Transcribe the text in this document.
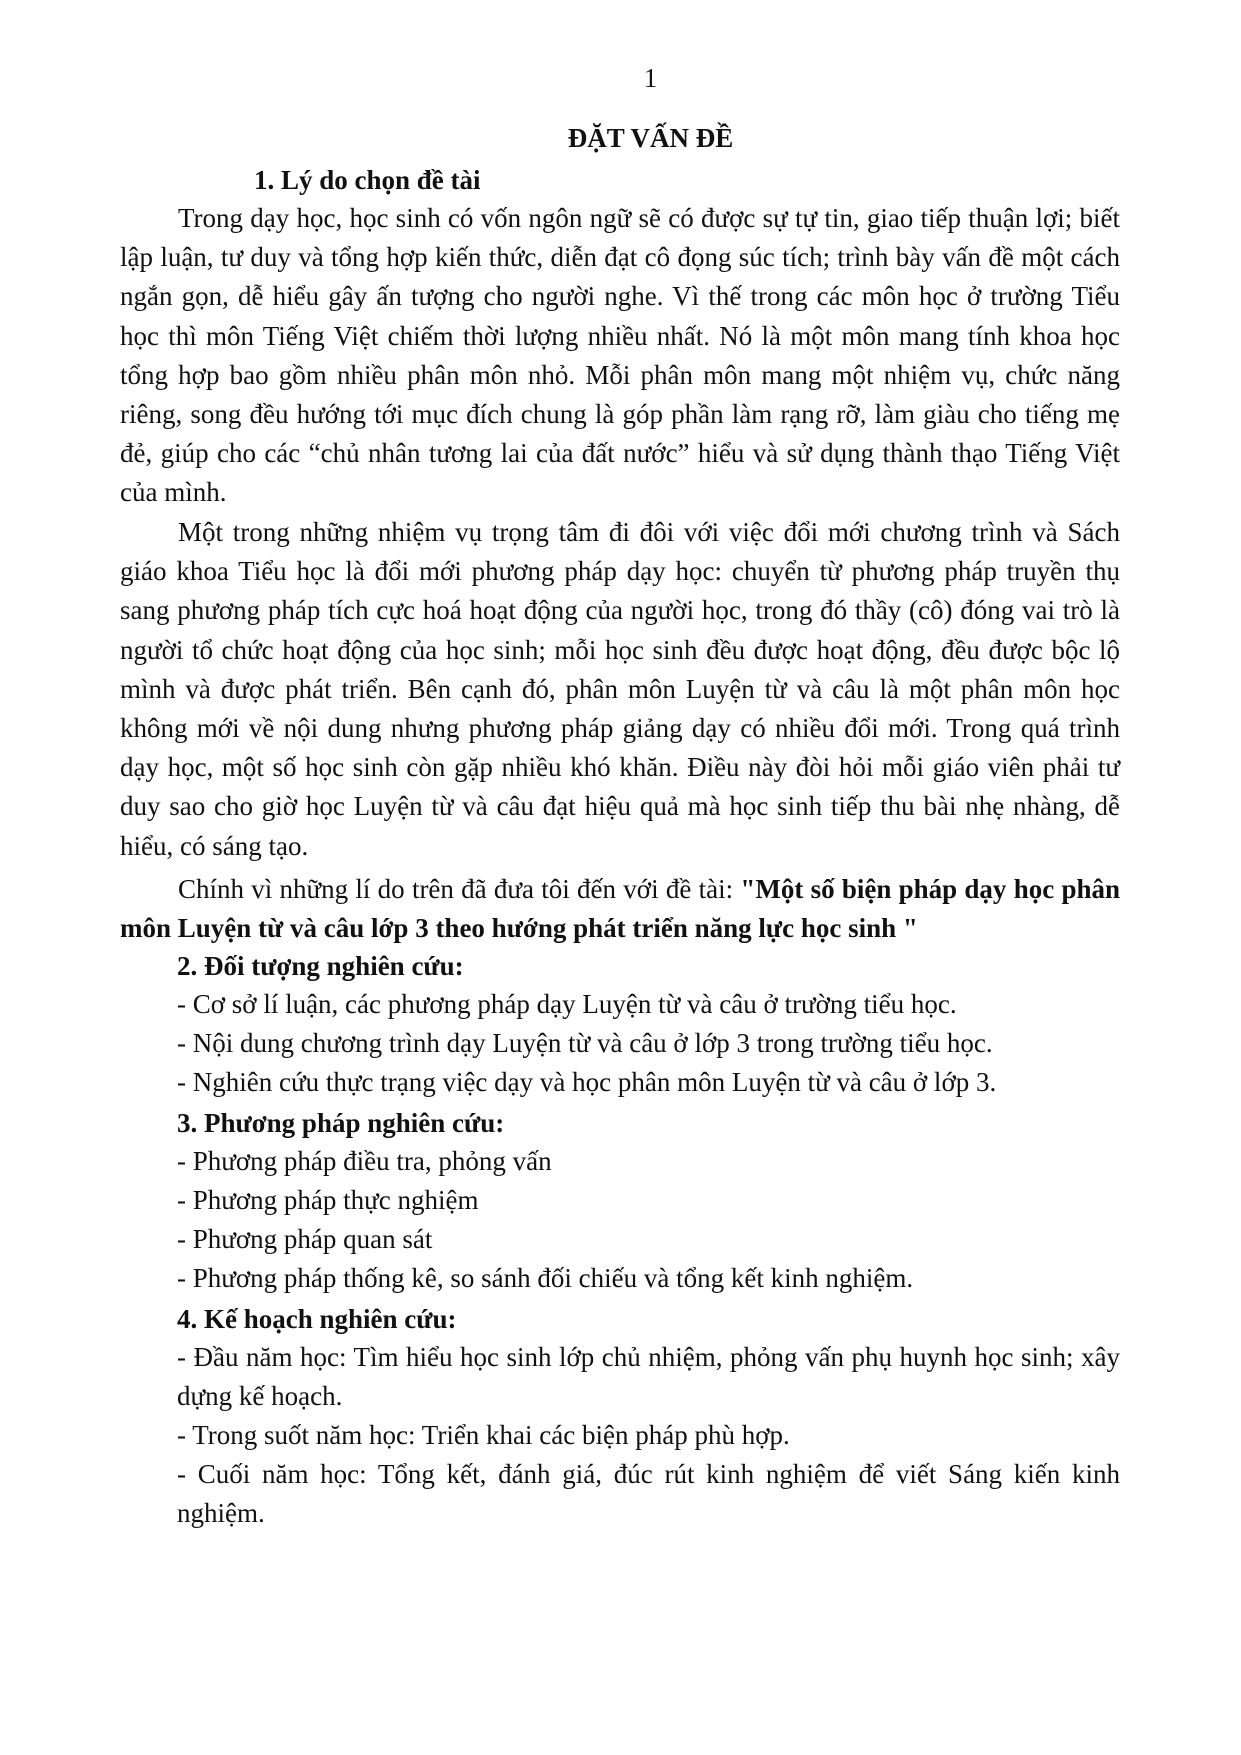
1
ĐẶT VẤN ĐỀ
1. Lý do chọn đề tài
Trong dạy học, học sinh có vốn ngôn ngữ sẽ có được sự tự tin, giao tiếp thuận lợi; biết lập luận, tư duy và tổng hợp kiến thức, diễn đạt cô đọng súc tích; trình bày vấn đề một cách ngắn gọn, dễ hiểu gây ấn tượng cho người nghe. Vì thế trong các môn học ở trường Tiểu học thì môn Tiếng Việt chiếm thời lượng nhiều nhất. Nó là một môn mang tính khoa học tổng hợp bao gồm nhiều phân môn nhỏ. Mỗi phân môn mang một nhiệm vụ, chức năng riêng, song đều hướng tới mục đích chung là góp phần làm rạng rỡ, làm giàu cho tiếng mẹ đẻ, giúp cho các “chủ nhân tương lai của đất nước” hiểu và sử dụng thành thạo Tiếng Việt của mình.
Một trong những nhiệm vụ trọng tâm đi đôi với việc đổi mới chương trình và Sách giáo khoa Tiểu học là đổi mới phương pháp dạy học: chuyển từ phương pháp truyền thụ sang phương pháp tích cực hoá hoạt động của người học, trong đó thầy (cô) đóng vai trò là người tổ chức hoạt động của học sinh; mỗi học sinh đều được hoạt động, đều được bộc lộ mình và được phát triển. Bên cạnh đó, phân môn Luyện từ và câu là một phân môn học không mới về nội dung nhưng phương pháp giảng dạy có nhiều đổi mới. Trong quá trình dạy học, một số học sinh còn gặp nhiều khó khăn. Điều này đòi hỏi mỗi giáo viên phải tư duy sao cho giờ học Luyện từ và câu đạt hiệu quả mà học sinh tiếp thu bài nhẹ nhàng, dễ hiểu, có sáng tạo.
Chính vì những lí do trên đã đưa tôi đến với đề tài: "Một số biện pháp dạy học phân môn Luyện từ và câu lớp 3 theo hướng phát triển năng lực học sinh "
2. Đối tượng nghiên cứu:
- Cơ sở lí luận, các phương pháp dạy Luyện từ và câu ở trường tiểu học.
- Nội dung chương trình dạy Luyện từ và câu ở lớp 3 trong trường tiểu học.
- Nghiên cứu thực trạng việc dạy và học phân môn Luyện từ và câu ở lớp 3.
3. Phương pháp nghiên cứu:
- Phương pháp điều tra, phỏng vấn
- Phương pháp thực nghiệm
- Phương pháp quan sát
- Phương pháp thống kê, so sánh đối chiếu và tổng kết kinh nghiệm.
4. Kế hoạch nghiên cứu:
- Đầu năm học: Tìm hiểu học sinh lớp chủ nhiệm, phỏng vấn phụ huynh học sinh; xây dựng kế hoạch.
- Trong suốt năm học: Triển khai các biện pháp phù hợp.
- Cuối năm học: Tổng kết, đánh giá, đúc rút kinh nghiệm để viết Sáng kiến kinh nghiệm.
